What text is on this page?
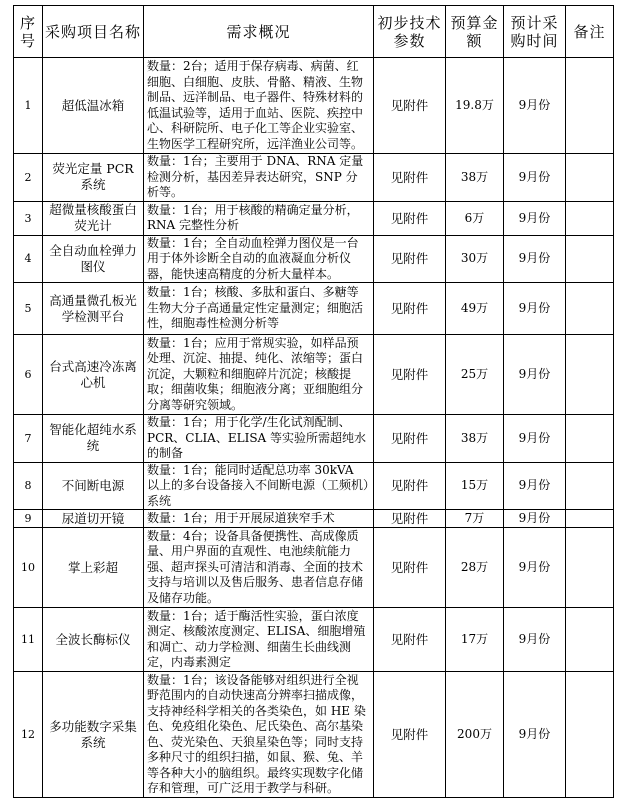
序号	采购项目名称	需求概况	初步技术参数	预算金额	预计采购时间	备注
1	超低温冰箱	数量：2台；适用于保存病毒、病菌、红细胞、白细胞、皮肤、骨骼、精液、生物制品、远洋制品、电子器件、特殊材料的低温试验等，适用于血站、医院、疾控中心、科研院所、电子化工等企业实验室、生物医学工程研究所，远洋渔业公司等。	见附件	19.8万	9月份	
2	荧光定量 PCR 系统	数量：1台；主要用于 DNA、RNA 定量检测分析，基因差异表达研究，SNP 分析等。	见附件	38万	9月份	
3	超微量核酸蛋白荧光计	数量：1台；用于核酸的精确定量分析，RNA 完整性分析	见附件	6万	9月份	
4	全自动血栓弹力图仪	数量：1台；全自动血栓弹力图仪是一台用于体外诊断全自动的血液凝血分析仪器，能快速高精度的分析大量样本。	见附件	30万	9月份	
5	高通量微孔板光学检测平台	数量：1台；核酸、多肽和蛋白、多糖等生物大分子高通量定性定量测定；细胞活性，细胞毒性检测分析等	见附件	49万	9月份	
6	台式高速冷冻离心机	数量：1台；应用于常规实验，如样品预处理、沉淀、抽提、纯化、浓缩等；蛋白沉淀，大颗粒和细胞碎片沉淀；核酸提取；细菌收集；细胞液分离；亚细胞组分分离等研究领域。	见附件	25万	9月份	
7	智能化超纯水系统	数量：1台；用于化学/生化试剂配制、PCR、CLIA、ELISA 等实验所需超纯水的制备	见附件	38万	9月份	
8	不间断电源	数量：1台；能同时适配总功率 30kVA 以上的多台设备接入不间断电源（工频机）系统	见附件	15万	9月份	
9	尿道切开镜	数量：1台；用于开展尿道狭窄手术	见附件	7万	9月份	
10	掌上彩超	数量：4台；设备具备便携性、高成像质量、用户界面的直观性、电池续航能力强、超声探头可清洁和消毒、全面的技术支持与培训以及售后服务、患者信息存储及储存功能。	见附件	28万	9月份	
11	全波长酶标仪	数量：1台；适于酶活性实验，蛋白浓度测定、核酸浓度测定、ELISA、细胞增殖和凋亡、动力学检测、细菌生长曲线测定，内毒素测定	见附件	17万	9月份	
12	多功能数字采集系统	数量：1台；该设备能够对组织进行全视野范围内的自动快速高分辨率扫描成像，支持神经科学相关的各类染色，如 HE 染色、免疫组化染色、尼氏染色、高尔基染色、荧光染色、天狼星染色等；同时支持多种尺寸的组织扫描，如鼠、猴、兔、羊等各种大小的脑组织。最终实现数字化储存和管理，可广泛用于教学与科研。	见附件	200万	9月份	
